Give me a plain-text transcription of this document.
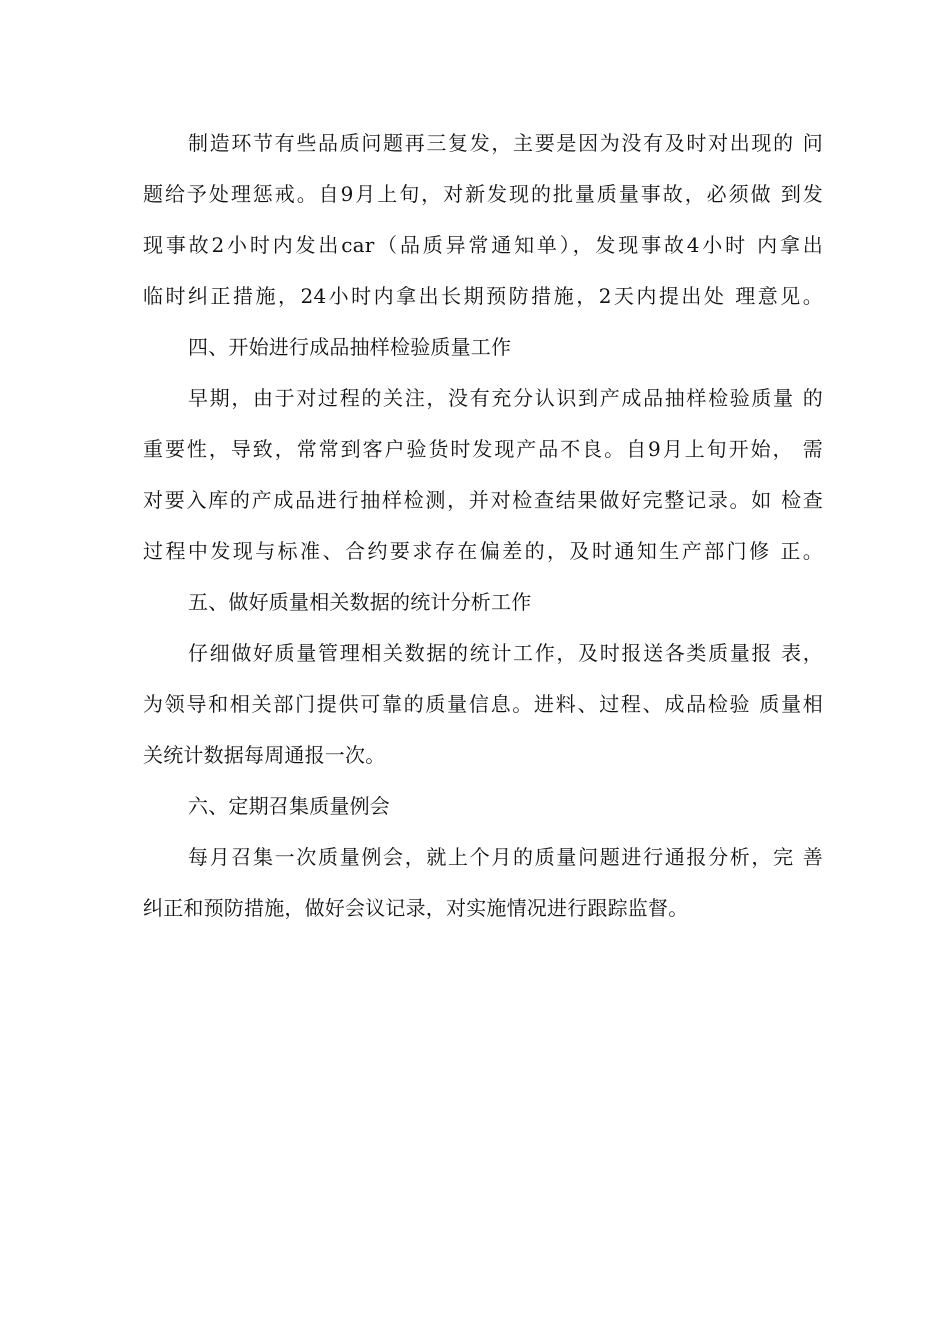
制造环节有些品质问题再三复发，主要是因为没有及时对出现的 问
题给予处理惩戒。自9月上旬，对新发现的批量质量事故，必须做 到发
现事故2小时内发出car（品质异常通知单），发现事故4小时 内拿出
临时纠正措施，24小时内拿出长期预防措施，2天内提出处 理意见。
四、开始进行成品抽样检验质量工作
早期，由于对过程的关注，没有充分认识到产成品抽样检验质量 的
重要性，导致，常常到客户验货时发现产品不良。自9月上旬开始， 需
对要入库的产成品进行抽样检测，并对检查结果做好完整记录。如 检查
过程中发现与标准、合约要求存在偏差的，及时通知生产部门修 正。
五、做好质量相关数据的统计分析工作
仔细做好质量管理相关数据的统计工作，及时报送各类质量报 表，
为领导和相关部门提供可靠的质量信息。进料、过程、成品检验 质量相
关统计数据每周通报一次。
六、定期召集质量例会
每月召集一次质量例会，就上个月的质量问题进行通报分析，完 善
纠正和预防措施，做好会议记录，对实施情况进行跟踪监督。
